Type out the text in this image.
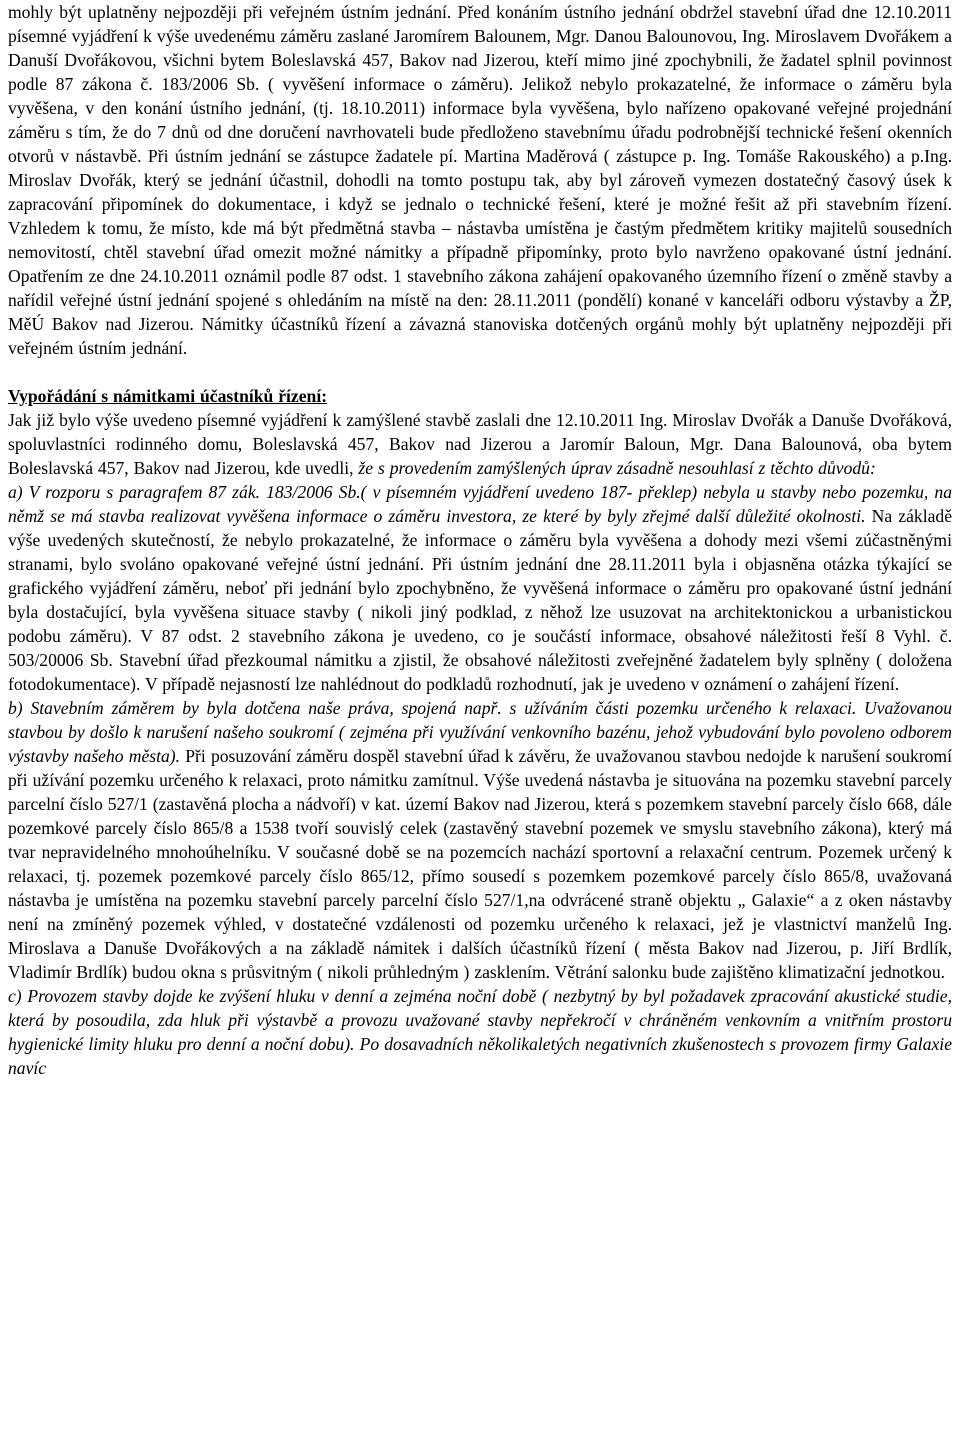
mohly být uplatněny nejpozději při veřejném ústním jednání. Před konáním ústního jednání obdržel stavební úřad dne 12.10.2011 písemné vyjádření k výše uvedenému záměru zaslané Jaromírem Balounem, Mgr. Danou Balounovou, Ing. Miroslavem Dvořákem a Danuší Dvořákovou, všichni bytem Boleslavská 457, Bakov nad Jizerou, kteří mimo jiné zpochybnili, že žadatel splnil povinnost podle 87 zákona č. 183/2006 Sb. ( vyvěšení informace o záměru). Jelikož nebylo prokazatelné, že informace o záměru byla vyvěšena, v den konání ústního jednání, (tj. 18.10.2011) informace byla vyvěšena, bylo nařízeno opakované veřejné projednání záměru s tím, že do 7 dnů od dne doručení navrhovateli bude předloženo stavebnímu úřadu podrobnější technické řešení okenních otvorů v nástavbě. Při ústním jednání se zástupce žadatele pí. Martina Maděrová ( zástupce p. Ing. Tomáše Rakouského) a p.Ing. Miroslav Dvořák, který se jednání účastnil, dohodli na tomto postupu tak, aby byl zároveň vymezen dostatečný časový úsek k zapracování připomínek do dokumentace, i když se jednalo o technické řešení, které je možné řešit až při stavebním řízení. Vzhledem k tomu, že místo, kde má být předmětná stavba – nástavba umístěna je častým předmětem kritiky majitelů sousedních nemovitostí, chtěl stavební úřad omezit možné námitky a případně připomínky, proto bylo navrženo opakované ústní jednání. Opatřením ze dne 24.10.2011 oznámil podle 87 odst. 1 stavebního zákona zahájení opakovaného územního řízení o změně stavby a nařídil veřejné ústní jednání spojené s ohledáním na místě na den: 28.11.2011 (pondělí) konané v kanceláři odboru výstavby a ŽP, MěÚ Bakov nad Jizerou. Námitky účastníků řízení a závazná stanoviska dotčených orgánů mohly být uplatněny nejpozději při veřejném ústním jednání.

Vypořádání s námitkami účastníků řízení:

Jak již bylo výše uvedeno písemné vyjádření k zamýšlené stavbě zaslali dne 12.10.2011 Ing. Miroslav Dvořák a Danuše Dvořáková, spoluvlastníci rodinného domu, Boleslavská 457, Bakov nad Jizerou a Jaromír Baloun, Mgr. Dana Balounová, oba bytem Boleslavská 457, Bakov nad Jizerou, kde uvedli, že s provedením zamýšlených úprav zásadně nesouhlasí z těchto důvodů:
a) V rozporu s paragrafem 87 zák. 183/2006 Sb.( v písemném vyjádření uvedeno 187- překlep) nebyla u stavby nebo pozemku, na němž se má stavba realizovat vyvěšena informace o záměru investora, ze které by byly zřejmé další důležité okolnosti. Na základě výše uvedených skutečností, že nebylo prokazatelné, že informace o záměru byla vyvěšena a dohody mezi všemi zúčastněnými stranami, bylo svoláno opakované veřejné ústní jednání. Při ústním jednání dne 28.11.2011 byla i objasněna otázka týkající se grafického vyjádření záměru, neboť při jednání bylo zpochybněno, že vyvěšená informace o záměru pro opakované ústní jednání byla dostačující, byla vyvěšena situace stavby ( nikoli jiný podklad, z něhož lze usuzovat na architektonickou a urbanistickou podobu záměru). V 87 odst. 2 stavebního zákona je uvedeno, co je součástí informace, obsahové náležitosti řeší 8 Vyhl. č. 503/20006 Sb. Stavební úřad přezkoumal námitku a zjistil, že obsahové náležitosti zveřejněné žadatelem byly splněny ( doložena fotodokumentace). V případě nejasností lze nahlédnout do podkladů rozhodnutí, jak je uvedeno v oznámení o zahájení řízení.
b) Stavebním záměrem by byla dotčena naše práva, spojená např. s užíváním části pozemku určeného k relaxaci. Uvažovanou stavbou by došlo k narušení našeho soukromí ( zejména při využívání venkovního bazénu, jehož vybudování bylo povoleno odborem výstavby našeho města). Při posuzování záměru dospěl stavební úřad k závěru, že uvažovanou stavbou nedojde k narušení soukromí při užívání pozemku určeného k relaxaci, proto námitku zamítnul. Výše uvedená nástavba je situována na pozemku stavební parcely parcelní číslo 527/1 (zastavěná plocha a nádvoří) v kat. území Bakov nad Jizerou, která s pozemkem stavební parcely číslo 668, dále pozemkové parcely číslo 865/8 a 1538 tvoří souvislý celek (zastavěný stavební pozemek ve smyslu stavebního zákona), který má tvar nepravidelného mnohoúhelníku. V současné době se na pozemcích nachází sportovní a relaxační centrum. Pozemek určený k relaxaci, tj. pozemek pozemkové parcely číslo 865/12, přímo sousedí s pozemkem pozemkové parcely číslo 865/8, uvažovaná nástavba je umístěna na pozemku stavební parcely parcelní číslo 527/1,na odvrácené straně objektu „ Galaxie“ a z oken nástavby není na zmíněný pozemek výhled, v dostatečné vzdálenosti od pozemku určeného k relaxaci, jež je vlastnictví manželů Ing. Miroslava a Danuše Dvořákových a na základě námitek i dalších účastníků řízení ( města Bakov nad Jizerou, p. Jiří Brdlík, Vladimír Brdlík) budou okna s průsvitným ( nikoli průhledným ) zasklením. Větrání salonku bude zajištěno klimatizační jednotkou.
c) Provozem stavby dojde ke zvýšení hluku v denní a zejména noční době ( nezbytný by byl požadavek zpracování akustické studie, která by posoudila, zda hluk při výstavbě a provozu uvažované stavby nepřekročí v chráněném venkovním a vnitřním prostoru hygienické limity hluku pro denní a noční dobu). Po dosavadních několikaletých negativních zkušenostech s provozem firmy Galaxie navíc
